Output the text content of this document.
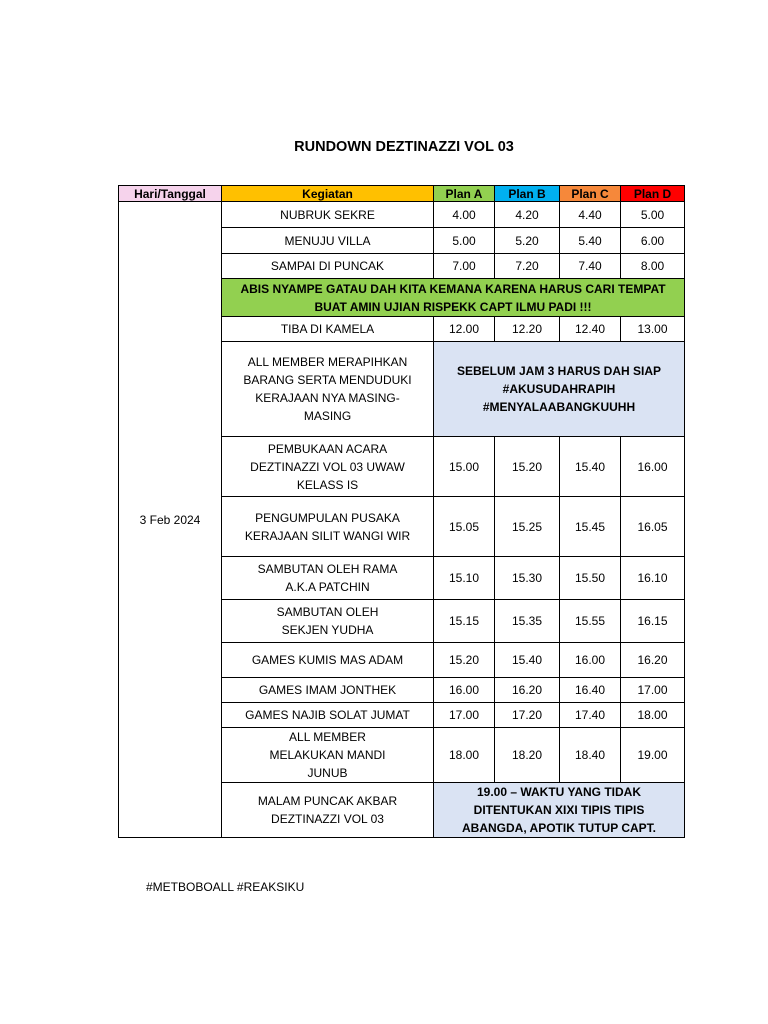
RUNDOWN DEZTINAZZI VOL 03
Hari/Tanggal	Kegiatan	Plan A	Plan B	Plan C	Plan D
3 Feb 2024	NUBRUK SEKRE	4.00	4.20	4.40	5.00
	MENUJU VILLA	5.00	5.20	5.40	6.00
	SAMPAI DI PUNCAK	7.00	7.20	7.40	8.00
	ABIS NYAMPE GATAU DAH KITA KEMANA KARENA HARUS CARI TEMPAT BUAT AMIN UJIAN RISPEKK CAPT ILMU PADI !!!				
	TIBA DI KAMELA	12.00	12.20	12.40	13.00
	ALL MEMBER MERAPIHKAN BARANG SERTA MENDUDUKI KERAJAAN NYA MASING-MASING	SEBELUM JAM 3 HARUS DAH SIAP #AKUSUDAHRAPIH #MENYALAABANGKUUHH			
	PEMBUKAAN ACARA DEZTINAZZI VOL 03 UWAW KELASS IS	15.00	15.20	15.40	16.00
	PENGUMPULAN PUSAKA KERAJAAN SILIT WANGI WIR	15.05	15.25	15.45	16.05
	SAMBUTAN OLEH RAMA A.K.A PATCHIN	15.10	15.30	15.50	16.10
	SAMBUTAN OLEH SEKJEN YUDHA	15.15	15.35	15.55	16.15
	GAMES KUMIS MAS ADAM	15.20	15.40	16.00	16.20
	GAMES IMAM JONTHEK	16.00	16.20	16.40	17.00
	GAMES NAJIB SOLAT JUMAT	17.00	17.20	17.40	18.00
	ALL MEMBER MELAKUKAN MANDI JUNUB	18.00	18.20	18.40	19.00
	MALAM PUNCAK AKBAR DEZTINAZZI VOL 03	19.00 – WAKTU YANG TIDAK DITENTUKAN XIXI TIPIS TIPIS ABANGDA, APOTIK TUTUP CAPT.			
#METBOBOALL #REAKSIKU
